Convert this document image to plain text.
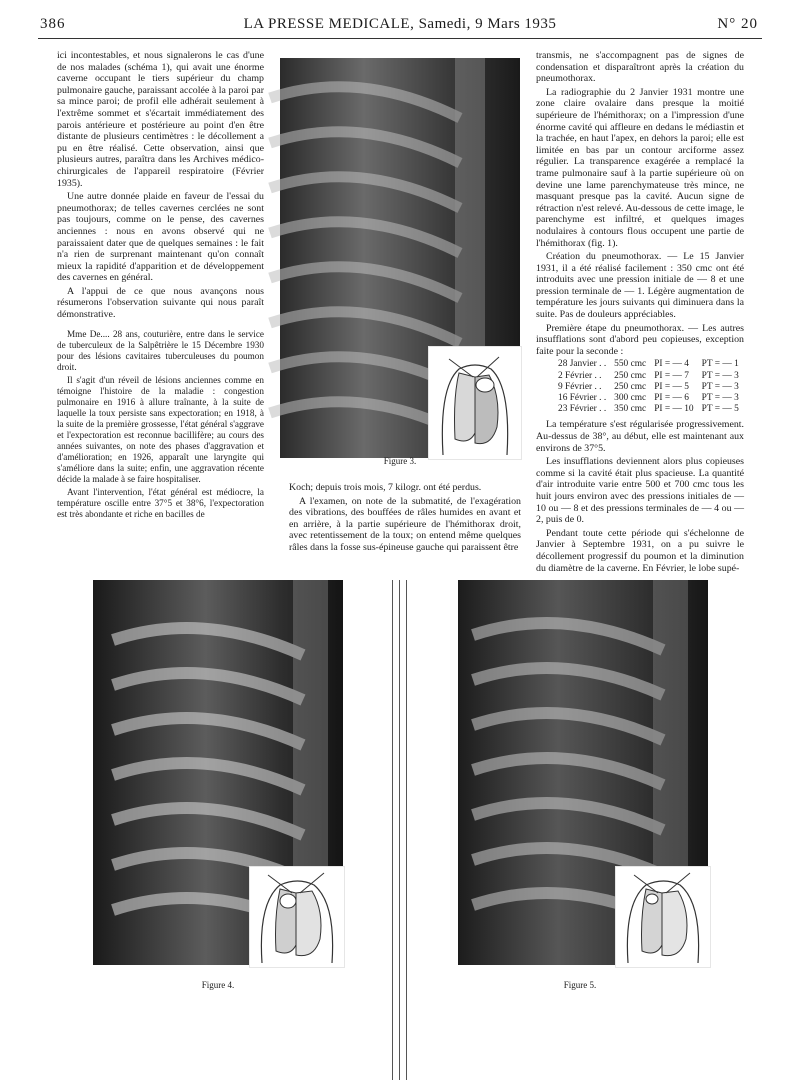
LA PRESSE MEDICALE, Samedi, 9 Mars 1935
386	N° 20

ici incontestables, et nous signalerons le cas d'une de nos malades (schéma 1), qui avait une énorme caverne occupant le tiers supérieur du champ pulmonaire gauche, paraissant accolée à la paroi par sa mince paroi; de profil elle adhérait seulement à l'extrême sommet et s'écartait immédiatement des parois antérieure et postérieure au point d'en être distante de plusieurs centimètres : le décollement a pu en être réalisé. Cette observation, ainsi que plusieurs autres, paraîtra dans les Archives médico-chirurgicales de l'appareil respiratoire (Février 1935).

Une autre donnée plaide en faveur de l'essai du pneumothorax; de telles cavernes cerclées ne sont pas toujours, comme on le pense, des cavernes anciennes : nous en avons observé qui ne paraissaient dater que de quelques semaines : le fait n'a rien de surprenant maintenant qu'on connaît mieux la rapidité d'apparition et de développement des cavernes en général.

A l'appui de ce que nous avançons nous résumerons l'observation suivante qui nous paraît démonstrative.

Mme De.... 28 ans, couturière, entre dans le service de tuberculeux de la Salpêtrière le 15 Décembre 1930 pour des lésions cavitaires tuberculeuses du poumon droit.

Il s'agit d'un réveil de lésions anciennes comme en témoigne l'histoire de la maladie : congestion pulmonaire en 1916 à allure traînante, à la suite de laquelle la toux persiste sans expectoration; en 1918, à la suite de la première grossesse, l'état général s'aggrave et l'expectoration est reconnue bacillifère; au cours des années suivantes, on note des phases d'aggravation et d'amélioration; en 1926, apparaît une laryngite qui s'améliore dans la suite; enfin, une aggravation récente décide la malade à se faire hospitaliser.

Avant l'intervention, l'état général est médiocre, la température oscille entre 37°5 et 38°6, l'expectoration est très abondante et riche en bacilles de

Figure 3.

Koch; depuis trois mois, 7 kilogr. ont été perdus.

A l'examen, on note de la submatité, de l'exagération des vibrations, des bouffées de râles humides en avant et en arrière, à la partie supérieure de l'hémithorax droit, avec retentissement de la toux; on entend même quelques râles dans la fosse sus-épineuse gauche qui paraissent être

transmis, ne s'accompagnent pas de signes de condensation et disparaîtront après la création du pneumothorax.

La radiographie du 2 Janvier 1931 montre une zone claire ovalaire dans presque la moitié supérieure de l'hémithorax; on a l'impression d'une énorme cavité qui affleure en dedans le médiastin et la trachée, en haut l'apex, en dehors la paroi; elle est limitée en bas par un contour arciforme assez régulier. La transparence exagérée a remplacé la trame pulmonaire sauf à la partie supérieure où on devine une lame parenchymateuse très mince, ne masquant presque pas la cavité. Aucun signe de rétraction n'est relevé. Au-dessous de cette image, le parenchyme est infiltré, et quelques images nodulaires à contours flous occupent une partie de l'hémithorax (fig. 1).

Création du pneumothorax. — Le 15 Janvier 1931, il a été réalisé facilement : 350 cmc ont été introduits avec une pression initiale de — 8 et une pression terminale de — 1. Légère augmentation de température les jours suivants qui diminuera dans la suite. Pas de douleurs appréciables.

Première étape du pneumothorax. — Les autres insufflations sont d'abord peu copieuses, exception faite pour la seconde :

28 Janvier . .	550 cmc	PI = — 4	PT = — 1
2 Février . .	250 cmc	PI = — 7	PT = — 3
9 Février . .	250 cmc	PI = — 5	PT = — 3
16 Février . .	300 cmc	PI = — 6	PT = — 3
23 Février . .	350 cmc	PI = — 10	PT = — 5

La température s'est régularisée progressivement. Au-dessus de 38°, au début, elle est maintenant aux environs de 37°5.

Les insufflations deviennent alors plus copieuses comme si la cavité était plus spacieuse. La quantité d'air introduite varie entre 500 et 700 cmc tous les huit jours environ avec des pressions initiales de — 10 ou — 8 et des pressions terminales de — 4 ou — 2, puis de 0.

Pendant toute cette période qui s'échelonne de Janvier à Septembre 1931, on a pu suivre le décollement progressif du poumon et la diminution du diamètre de la caverne. En Février, le lobe supé-

Figure 4.	Figure 5.
